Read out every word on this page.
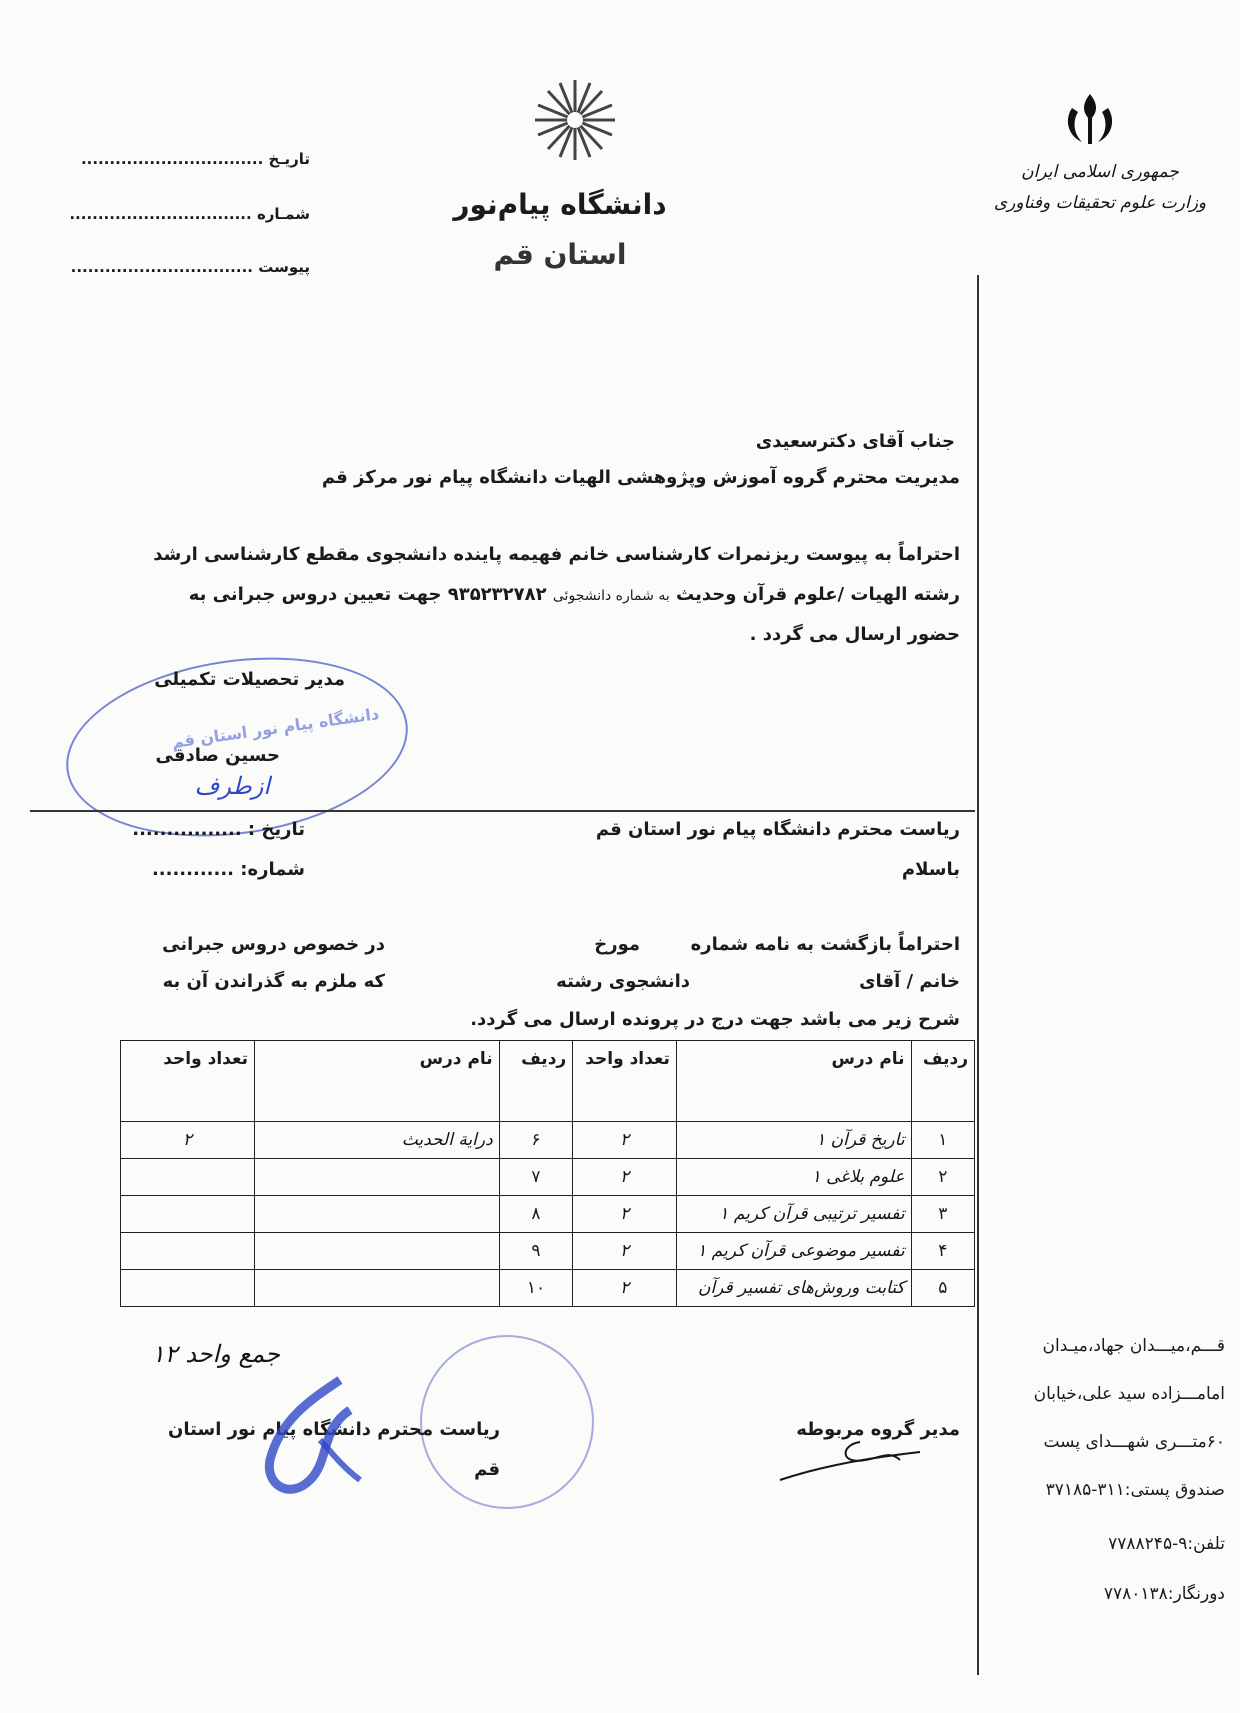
جمهوری اسلامی ایران
وزارت علوم تحقیقات وفناوری
دانشگاه پیام‌نور
استان قم
تاریـخ ................................
شمـاره ................................
پیوست ................................
جناب آقای دکترسعیدی
مدیریت محترم گروه آموزش وپژوهشی الهیات دانشگاه پیام نور مرکز قم
احتراماً به پیوست ریزنمرات کارشناسی خانم فهیمه پاینده دانشجوی مقطع کارشناسی ارشد
رشته الهیات /علوم قرآن وحدیث به شماره دانشجوئی ۹۳۵۲۳۲۷۸۲ جهت تعیین دروس جبرانی به
حضور ارسال می گردد .
دانشگاه پیام نور استان قم
مدیر تحصیلات تکمیلی
حسین صادقی
ازطرف
ریاست محترم دانشگاه پیام نور استان قم
باسلام
تاریخ : ................
شماره: ............
احتراماً بازگشت به نامه شماره
مورخ
در خصوص دروس جبرانی
خانم / آقای
دانشجوی رشته
که ملزم به گذراندن آن به
شرح زیر می باشد جهت درج در پرونده ارسال می گردد.
ردیف	نام درس	تعداد واحد	ردیف	نام درس	تعداد واحد
۱	تاریخ قرآن ۱	۲	۶	درایة الحدیث	۲
۲	علوم بلاغی ۱	۲	۷		
۳	تفسیر ترتیبی قرآن کریم ۱	۲	۸		
۴	تفسیر موضوعی قرآن کریم ۱	۲	۹		
۵	کتابت وروش‌های تفسیر قرآن	۲	۱۰		
جمع واحد ۱۲
ریاست محترم دانشگاه پیام نور استان قم
مدیر گروه مربوطه
قـــم،میـــدان جهاد،میـدان
امامـــزاده سید علی،خیابان
۶۰متـــری شهـــدای پست
صندوق پستی:۳۱۱-۳۷۱۸۵
تلفن:۹-۷۷۸۸۲۴۵
دورنگار:۷۷۸۰۱۳۸
